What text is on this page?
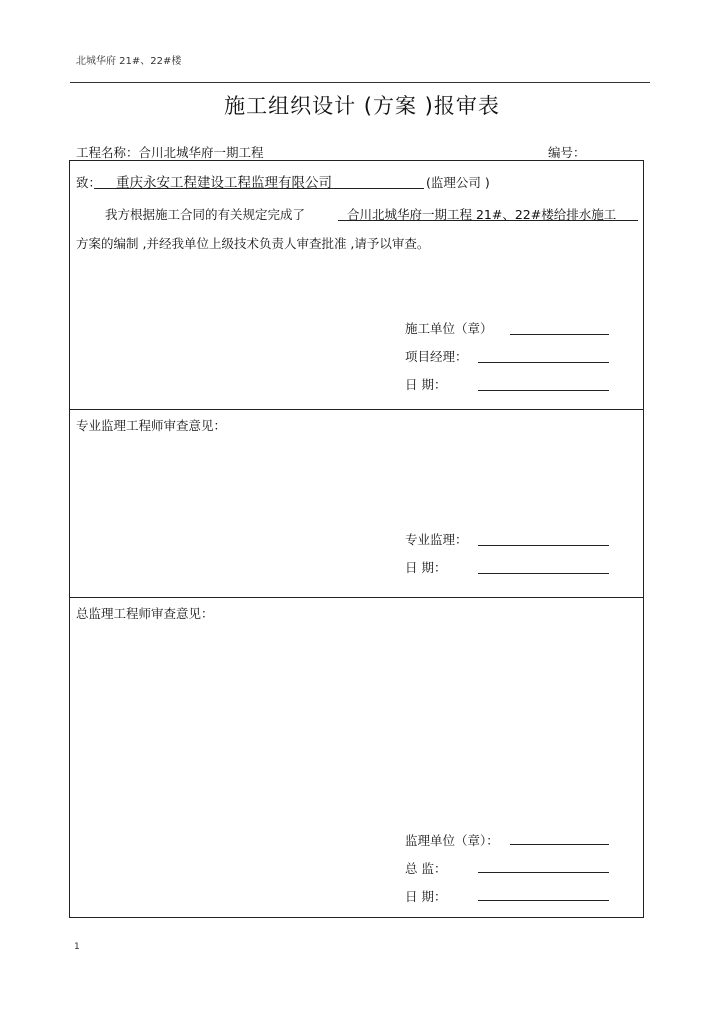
北城华府 21#、22#楼
施工组织设计 (方案 )报审表
工程名称：合川北城华府一期工程	编号：
致： 重庆永安工程建设工程监理有限公司	(监理公司 )
我方根据施工合同的有关规定完成了	合川北城华府一期工程 21#、22#楼给排水施工
方案的编制 ,并经我单位上级技术负责人审查批准 ,请予以审查。
施工单位（章）
项目经理：
日 期：
专业监理工程师审查意见：
专业监理：
日 期：
总监理工程师审查意见：
监理单位（章）：
总 监：
日 期：
1
